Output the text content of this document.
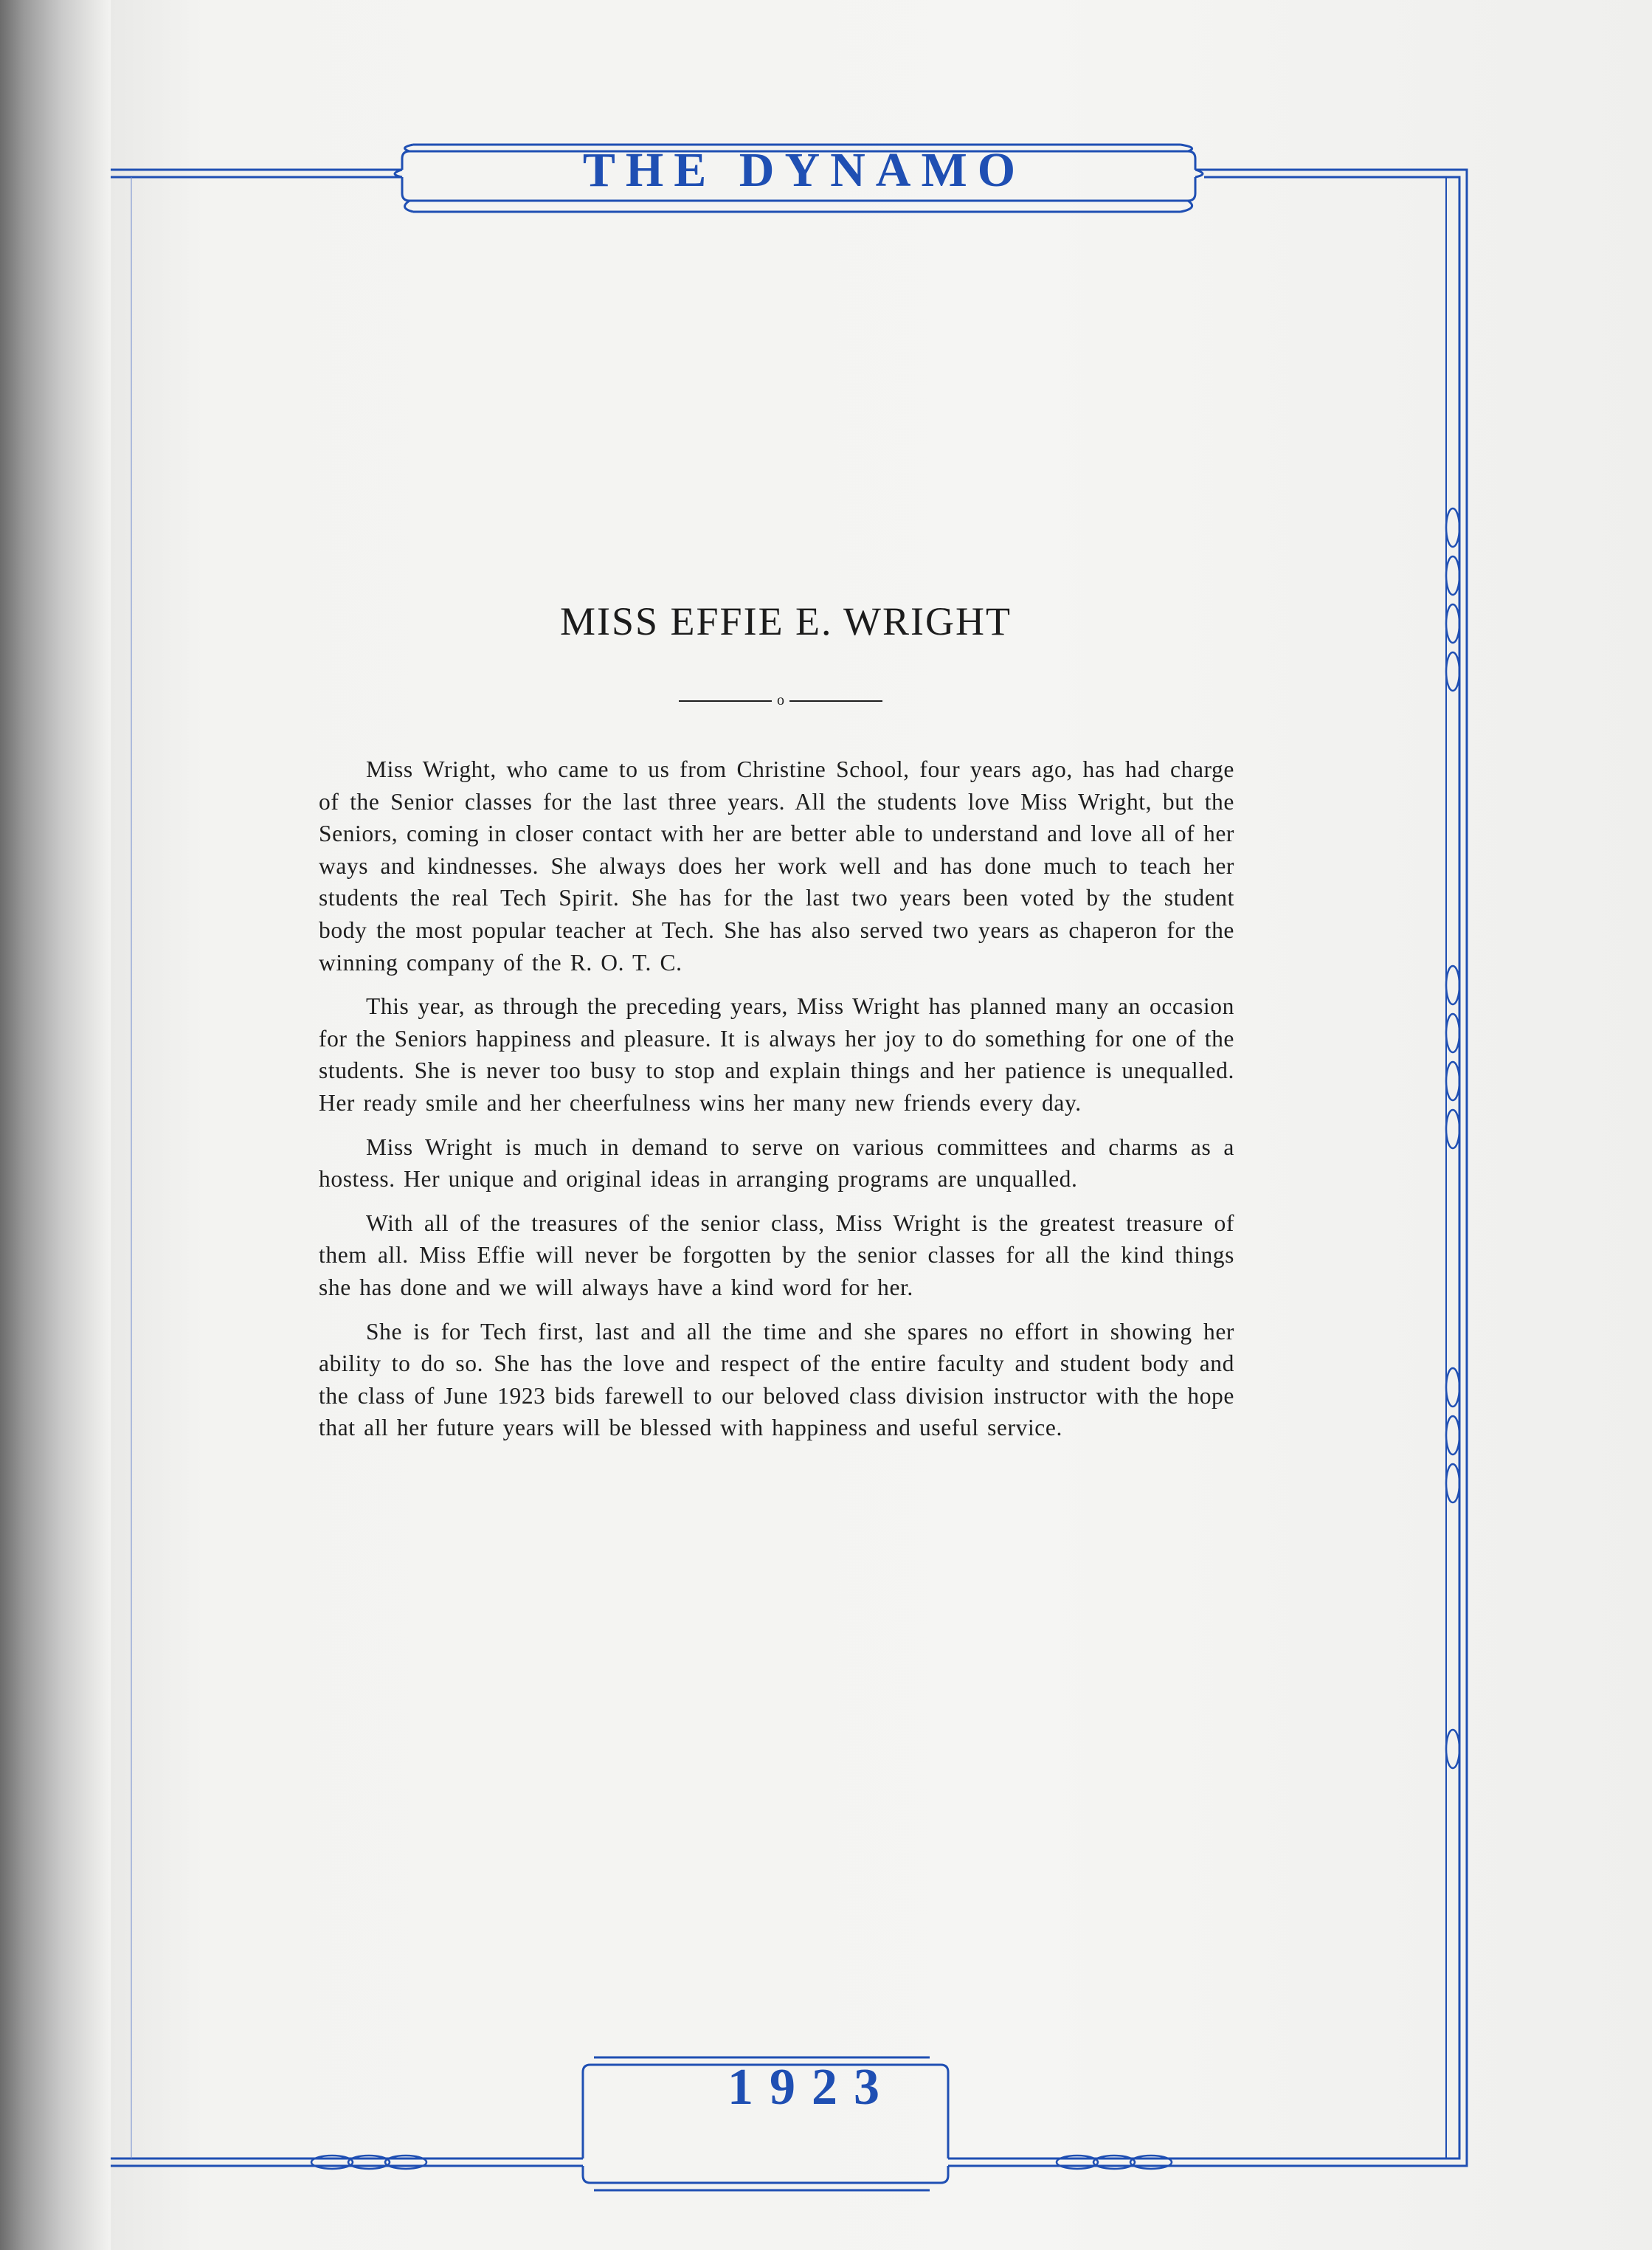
THE DYNAMO
MISS EFFIE E. WRIGHT
o

Miss Wright, who came to us from Christine School, four years ago, has had charge of the Senior classes for the last three years. All the students love Miss Wright, but the Seniors, coming in closer contact with her are better able to understand and love all of her ways and kindnesses. She always does her work well and has done much to teach her students the real Tech Spirit. She has for the last two years been voted by the student body the most popular teacher at Tech. She has also served two years as chaperon for the winning company of the R. O. T. C.

This year, as through the preceding years, Miss Wright has planned many an occasion for the Seniors happiness and pleasure. It is always her joy to do something for one of the students. She is never too busy to stop and explain things and her patience is unequalled. Her ready smile and her cheerfulness wins her many new friends every day.

Miss Wright is much in demand to serve on various committees and charms as a hostess. Her unique and original ideas in arranging programs are unqualled.

With all of the treasures of the senior class, Miss Wright is the greatest treasure of them all. Miss Effie will never be forgotten by the senior classes for all the kind things she has done and we will always have a kind word for her.

She is for Tech first, last and all the time and she spares no effort in showing her ability to do so. She has the love and respect of the entire faculty and student body and the class of June 1923 bids farewell to our beloved class division instructor with the hope that all her future years will be blessed with happiness and useful service.

1923
